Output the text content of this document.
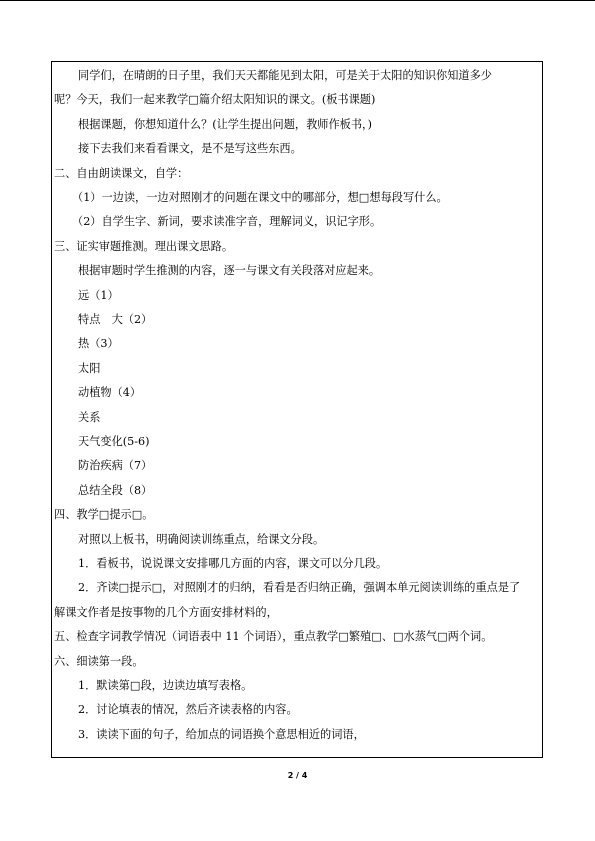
同学们，在晴朗的日子里，我们天天都能见到太阳，可是关于太阳的知识你知道多少
呢？今天，我们一起来教学□篇介绍太阳知识的课文。(板书课题)
根据课题，你想知道什么？(让学生提出问题，教师作板书，)
接下去我们来看看课文，是不是写这些东西。
二、自由朗读课文，自学：
（1）一边读，一边对照刚才的问题在课文中的哪部分，想□想每段写什么。
（2）自学生字、新词，要求读准字音，理解词义，识记字形。
三、证实审题推测。理出课文思路。
根据审题时学生推测的内容，逐一与课文有关段落对应起来。
远（1）
特点　大（2）
热（3）
太阳
动植物（4）
关系
天气变化(5-6)
防治疾病（7）
总结全段（8）
四、教学□提示□。
对照以上板书，明确阅读训练重点，给课文分段。
1．看板书，说说课文安排哪几方面的内容，课文可以分几段。
2．齐读□提示□，对照刚才的归纳，看看是否归纳正确，强调本单元阅读训练的重点是了
解课文作者是按事物的几个方面安排材料的，
五、检查字词教学情况（词语表中 11 个词语），重点教学□繁殖□、□水蒸气□两个词。
六、细读第一段。
1．默读第□段，边读边填写表格。
2．讨论填表的情况，然后齐读表格的内容。
3．读读下面的句子，给加点的词语换个意思相近的词语，
2 / 4
